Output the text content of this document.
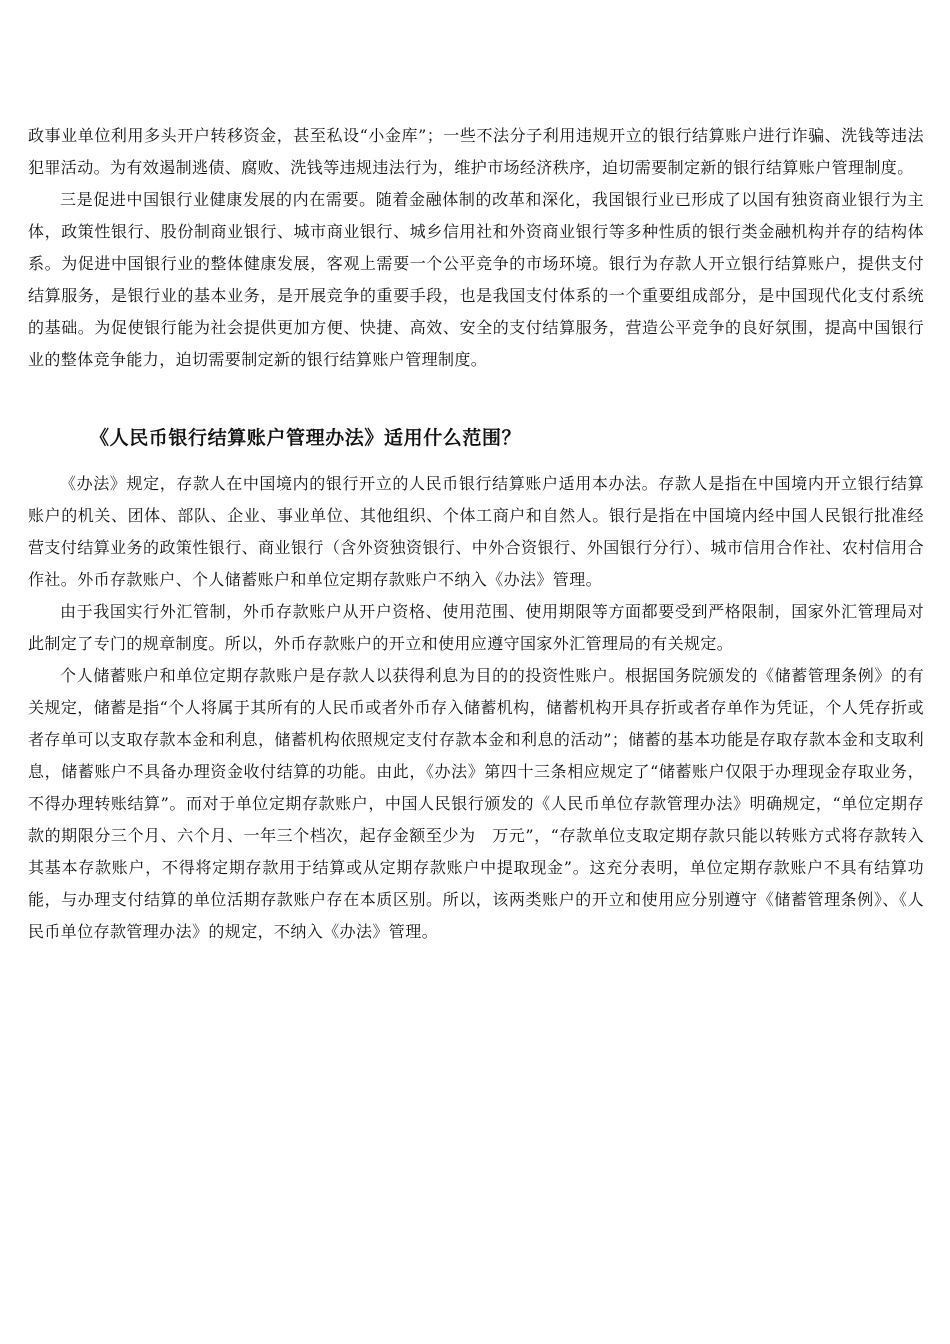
政事业单位利用多头开户转移资金，甚至私设“小金库”；一些不法分子利用违规开立的银行结算账户进行诈骗、洗钱等违法犯罪活动。为有效遏制逃债、腐败、洗钱等违规违法行为，维护市场经济秩序，迫切需要制定新的银行结算账户管理制度。

三是促进中国银行业健康发展的内在需要。随着金融体制的改革和深化，我国银行业已形成了以国有独资商业银行为主体，政策性银行、股份制商业银行、城市商业银行、城乡信用社和外资商业银行等多种性质的银行类金融机构并存的结构体系。为促进中国银行业的整体健康发展，客观上需要一个公平竞争的市场环境。银行为存款人开立银行结算账户，提供支付结算服务，是银行业的基本业务，是开展竞争的重要手段，也是我国支付体系的一个重要组成部分，是中国现代化支付系统的基础。为促使银行能为社会提供更加方便、快捷、高效、安全的支付结算服务，营造公平竞争的良好氛围，提高中国银行业的整体竞争能力，迫切需要制定新的银行结算账户管理制度。

《人民币银行结算账户管理办法》适用什么范围？

《办法》规定，存款人在中国境内的银行开立的人民币银行结算账户适用本办法。存款人是指在中国境内开立银行结算账户的机关、团体、部队、企业、事业单位、其他组织、个体工商户和自然人。银行是指在中国境内经中国人民银行批准经营支付结算业务的政策性银行、商业银行（含外资独资银行、中外合资银行、外国银行分行）、城市信用合作社、农村信用合作社。外币存款账户、个人储蓄账户和单位定期存款账户不纳入《办法》管理。

由于我国实行外汇管制，外币存款账户从开户资格、使用范围、使用期限等方面都要受到严格限制，国家外汇管理局对此制定了专门的规章制度。所以，外币存款账户的开立和使用应遵守国家外汇管理局的有关规定。

个人储蓄账户和单位定期存款账户是存款人以获得利息为目的的投资性账户。根据国务院颁发的《储蓄管理条例》的有关规定，储蓄是指“个人将属于其所有的人民币或者外币存入储蓄机构，储蓄机构开具存折或者存单作为凭证，个人凭存折或者存单可以支取存款本金和利息，储蓄机构依照规定支付存款本金和利息的活动”；储蓄的基本功能是存取存款本金和支取利息，储蓄账户不具备办理资金收付结算的功能。由此，《办法》第四十三条相应规定了“储蓄账户仅限于办理现金存取业务，不得办理转账结算”。而对于单位定期存款账户，中国人民银行颁发的《人民币单位存款管理办法》明确规定，“单位定期存款的期限分三个月、六个月、一年三个档次，起存金额至少为　万元”，“存款单位支取定期存款只能以转账方式将存款转入其基本存款账户，不得将定期存款用于结算或从定期存款账户中提取现金”。这充分表明，单位定期存款账户不具有结算功能，与办理支付结算的单位活期存款账户存在本质区别。所以，该两类账户的开立和使用应分别遵守《储蓄管理条例》、《人民币单位存款管理办法》的规定，不纳入《办法》管理。
